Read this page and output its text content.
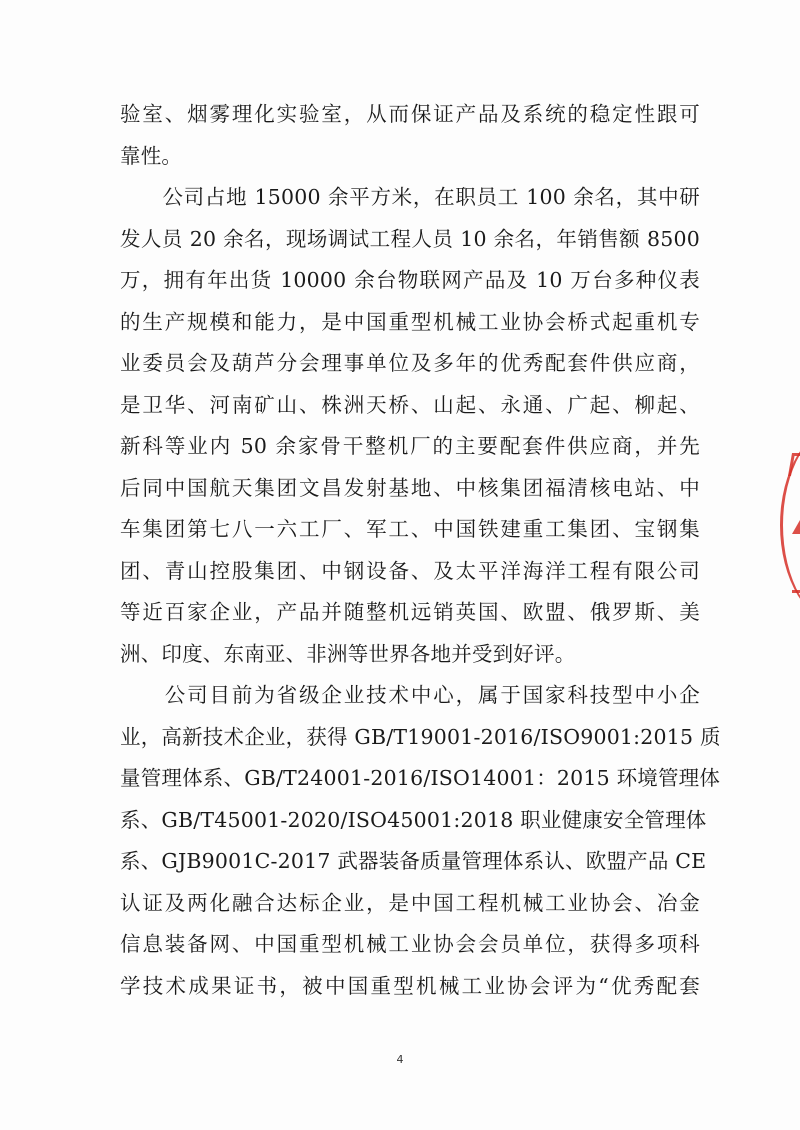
验室、烟雾理化实验室，从而保证产品及系统的稳定性跟可
靠性。
　　公司占地 15000 余平方米，在职员工 100 余名，其中研
发人员 20 余名，现场调试工程人员 10 余名，年销售额 8500
万，拥有年出货 10000 余台物联网产品及 10 万台多种仪表
的生产规模和能力，是中国重型机械工业协会桥式起重机专
业委员会及葫芦分会理事单位及多年的优秀配套件供应商，
是卫华、河南矿山、株洲天桥、山起、永通、广起、柳起、
新科等业内 50 余家骨干整机厂的主要配套件供应商，并先
后同中国航天集团文昌发射基地、中核集团福清核电站、中
车集团第七八一六工厂、军工、中国铁建重工集团、宝钢集
团、青山控股集团、中钢设备、及太平洋海洋工程有限公司
等近百家企业，产品并随整机远销英国、欧盟、俄罗斯、美
洲、印度、东南亚、非洲等世界各地并受到好评。
　　公司目前为省级企业技术中心，属于国家科技型中小企
业，高新技术企业，获得 GB/T19001-2016/ISO9001:2015 质
量管理体系、GB/T24001-2016/ISO14001：2015 环境管理体
系、GB/T45001-2020/ISO45001:2018 职业健康安全管理体
系、GJB9001C-2017 武器装备质量管理体系认、欧盟产品 CE
认证及两化融合达标企业，是中国工程机械工业协会、冶金
信息装备网、中国重型机械工业协会会员单位，获得多项科
学技术成果证书，被中国重型机械工业协会评为“优秀配套
4
